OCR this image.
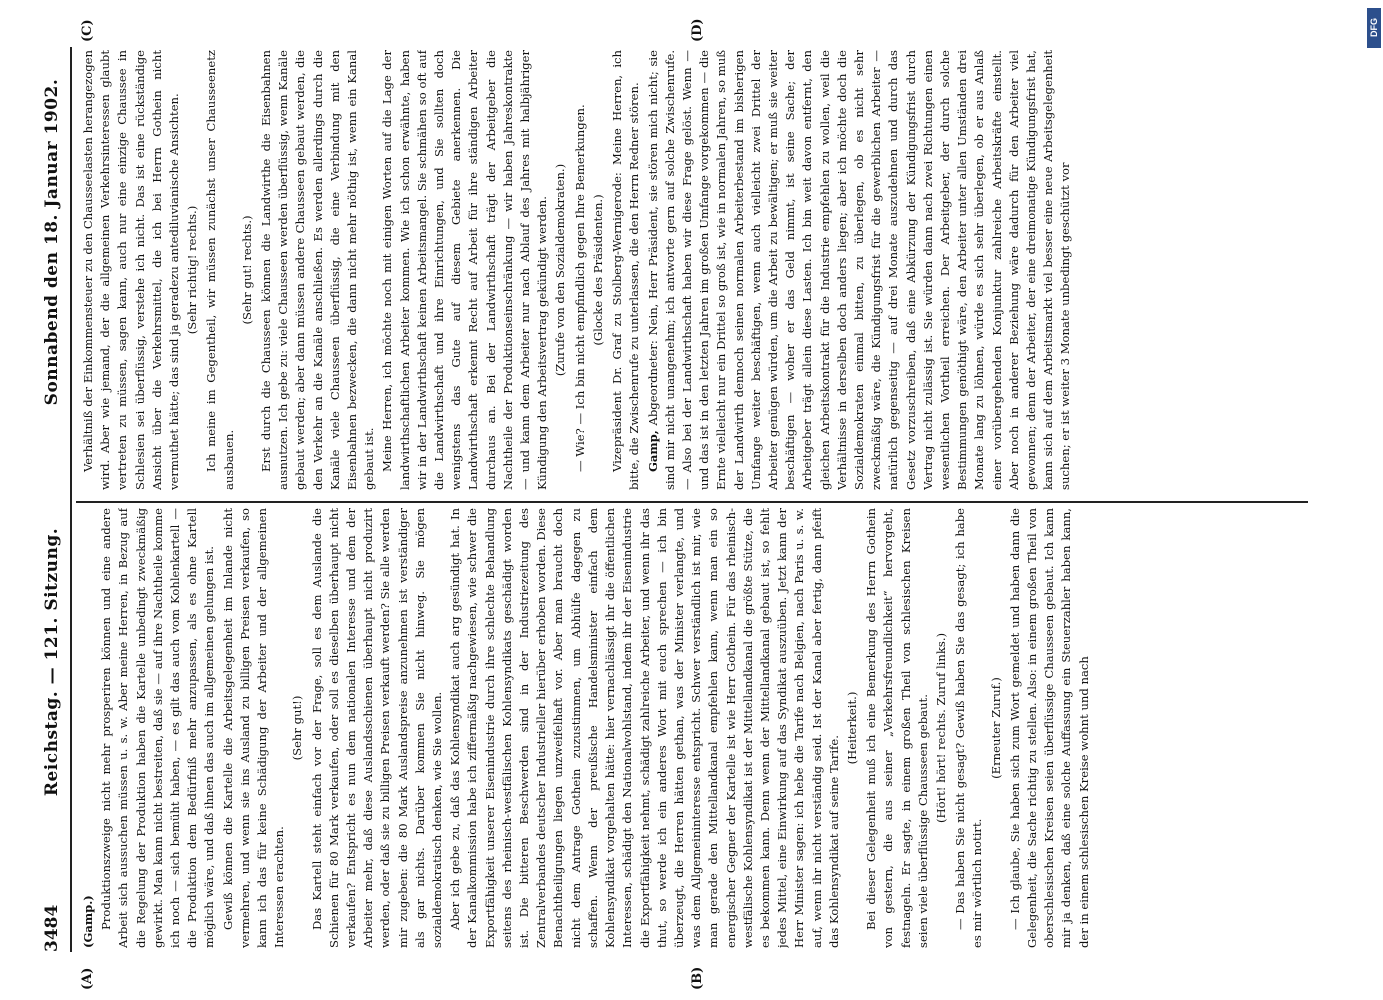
3484
Reichstag. — 121. Sitzung.
Sonnabend den 18. Januar 1902.

(Gamp.) Produktionszweige nicht mehr prosperiren können und eine andere Arbeit sich aussuchen müssen u. s. w. Aber meine Herren, in Bezug auf die Regelung der Produktion haben die Kartelle unbedingt zweckmäßig gewirkt. Man kann nicht bestreiten, daß sie — auf ihre Nachtheile komme ich noch — sich bemüht haben, — es gilt das auch vom Kohlenkartell — die Produktion dem Bedürfniß mehr anzupassen, als es ohne Kartell möglich wäre, und daß ihnen das auch im allgemeinen gelungen ist. Gewiß können die Kartelle die Arbeitsgelegenheit im Inlande nicht vermehren, und wenn sie ins Ausland zu billigen Preisen verkaufen, so kann ich das für keine Schädigung der Arbeiter und der allgemeinen Interessen erachten.

(Sehr gut!) Das Kartell steht einfach vor der Frage, soll es dem Auslande die Schienen für 80 Mark verkaufen, oder soll es dieselben überhaupt nicht verkaufen? Entspricht es nun dem nationalen Interesse und dem der Arbeiter mehr, daß diese Auslandsschienen überhaupt nicht produzirt werden, oder daß sie zu billigen Preisen verkauft werden? Sie alle werden mir zugeben: die 80 Mark Auslandspreise anzunehmen ist verständiger als gar nichts. Darüber kommen Sie nicht hinweg. Sie mögen sozialdemokratisch denken, wie Sie wollen. Aber ich gebe zu, daß das Kohlensyndikat auch arg gesündigt hat. In der Kanalkommission habe ich ziffermäßig nachgewiesen, wie schwer die Exportfähigkeit unserer Eisenindustrie durch ihre schlechte Behandlung seitens des rheinisch-westfälischen Kohlensyndikats geschädigt worden ist. Die bitteren Beschwerden sind in der Industriezeitung des Zentralverbandes deutscher Industrieller hierüber erhoben worden. Diese Benachtheiligungen liegen unzweifelhaft vor. Aber man braucht doch nicht dem Antrage Gothein zuzustimmen, um Abhülfe dagegen zu schaffen. Wenn der preußische Handelsminister einfach dem Kohlensyndikat vorgehalten hätte: hier vernachlässigt ihr die öffentlichen Interessen, schädigt den Nationalwohlstand, indem ihr der Eisenindustrie die Exportfähigkeit nehmt, schädigt zahlreiche Arbeiter, und wenn ihr das thut, so werde ich ein anderes Wort mit euch sprechen — ich bin überzeugt, die Herren hätten gethan, was der Minister verlangte, und was dem Allgemeininteresse entspricht. Schwer verständlich ist mir, wie man gerade den Mittellandkanal empfehlen kann, wenn man ein so energischer Gegner der Kartelle ist wie Herr Gothein. Für das rheinisch-westfälische Kohlensyndikat ist der Mittellandkanal die größte Stütze, die es bekommen kann. Denn wenn der Mittellandkanal gebaut ist, so fehlt jedes Mittel, eine Einwirkung auf das Syndikat auszuüben. Jetzt kann der Herr Minister sagen: ich hebe die Tarife nach Belgien, nach Paris u. s. w. auf, wenn ihr nicht verständig seid. Ist der Kanal aber fertig, dann pfeift das Kohlensyndikat auf seine Tarife.

(Heiterkeit.) Bei dieser Gelegenheit muß ich eine Bemerkung des Herrn Gothein von gestern, die aus seiner „Verkehrsfreundlichkeit“ hervorgeht, festnageln. Er sagte, in einem großen Theil von schlesischen Kreisen seien viele überflüssige Chausseen gebaut. (Hört! hört! rechts. Zuruf links.) — Das haben Sie nicht gesagt? Gewiß haben Sie das gesagt; ich habe es mir wörtlich notirt.

(Erneuter Zuruf.) — Ich glaube, Sie haben sich zum Wort gemeldet und haben dann die Gelegenheit, die Sache richtig zu stellen. Also: in einem großen Theil von oberschlesischen Kreisen seien überflüssige Chausseen gebaut. Ich kann mir ja denken, daß eine solche Auffassung ein Steuerzahler haben kann, der in einem schlesischen Kreise wohnt und nach

Verhältniß der Einkommensteuer zu den Chausseelasten herangezogen wird. Aber wie jemand, der die allgemeinen Verkehrsinteressen glaubt vertreten zu müssen, sagen kann, auch nur eine einzige Chaussee in Schlesien sei überflüssig, verstehe ich nicht. Das ist eine rückständige Ansicht über die Verkehrsmittel, die ich bei Herrn Gothein nicht vermuthet hätte; das sind ja geradezu antediluvianische Ansichten. (Sehr richtig! rechts.) Ich meine im Gegentheil, wir müssen zunächst unser Chausseenetz ausbauen.

(Sehr gut! rechts.) Erst durch die Chausseen können die Landwirthe die Eisenbahnen ausnutzen. Ich gebe zu: viele Chausseen werden überflüssig, wenn Kanäle gebaut werden; aber dann müssen andere Chausseen gebaut werden, die den Verkehr an die Kanäle anschließen. Es werden allerdings durch die Kanäle viele Chausseen überflüssig, die eine Verbindung mit den Eisenbahnen bezwecken, die dann nicht mehr nöthig ist, wenn ein Kanal gebaut ist. Meine Herren, ich möchte noch mit einigen Worten auf die Lage der landwirthschaftlichen Arbeiter kommen. Wie ich schon erwähnte, haben wir in der Landwirthschaft keinen Arbeitsmangel. Sie schmähen so oft auf die Landwirthschaft und ihre Einrichtungen, und Sie sollten doch wenigstens das Gute auf diesem Gebiete anerkennen. Die Landwirthschaft erkennt Recht auf Arbeit für ihre ständigen Arbeiter durchaus an. Bei der Landwirthschaft trägt der Arbeitgeber die Nachtheile der Produktionseinschränkung — wir haben Jahreskontrakte — und kann dem Arbeiter nur nach Ablauf des Jahres mit halbjähriger Kündigung den Arbeitsvertrag gekündigt werden. (Zurufe von den Sozialdemokraten.) — Wie? — Ich bin nicht empfindlich gegen Ihre Bemerkungen. (Glocke des Präsidenten.) Vizepräsident Dr. Graf zu Stolberg-Wernigerode: Meine Herren, ich bitte, die Zwischenrufe zu unterlassen, die den Herrn Redner stören. Gamp, Abgeordneter: Nein, Herr Präsident, sie stören mich nicht; sie sind mir nicht unangenehm; ich antworte gern auf solche Zwischenrufe. — Also bei der Landwirthschaft haben wir diese Frage gelöst. Wenn — und das ist in den letzten Jahren im großen Umfange vorgekommen — die Ernte vielleicht nur ein Drittel so groß ist, wie in normalen Jahren, so muß der Landwirth dennoch seinen normalen Arbeiterbestand im bisherigen Umfange weiter beschäftigen, wenn auch vielleicht zwei Drittel der Arbeiter genügen würden, um die Arbeit zu bewältigen; er muß sie weiter beschäftigen — woher er das Geld nimmt, ist seine Sache; der Arbeitgeber trägt allein diese Lasten. Ich bin weit davon entfernt, den gleichen Arbeitskontrakt für die Industrie empfehlen zu wollen, weil die Verhältnisse in derselben doch anders liegen; aber ich möchte doch die Sozialdemokraten einmal bitten, zu überlegen, ob es nicht sehr zweckmäßig wäre, die Kündigungsfrist für die gewerblichen Arbeiter — natürlich gegenseitig — auf drei Monate auszudehnen und durch das Gesetz vorzuschreiben, daß eine Abkürzung der Kündigungsfrist durch Vertrag nicht zulässig ist. Sie würden dann nach zwei Richtungen einen wesentlichen Vortheil erreichen. Der Arbeitgeber, der durch solche Bestimmungen genöthigt wäre, den Arbeiter unter allen Umständen drei Monate lang zu löhnen, würde es sich sehr überlegen, ob er aus Anlaß einer vorübergehenden Konjunktur zahlreiche Arbeitskräfte einstellt. Aber noch in anderer Beziehung wäre dadurch für den Arbeiter viel gewonnen; denn der Arbeiter, der eine dreimonatige Kündigungsfrist hat, kann sich auf dem Arbeitsmarkt viel besser eine neue Arbeitsgelegenheit suchen; er ist weiter 3 Monate unbedingt geschützt vor

(A)	(B)
(C)	(D)	DFG
